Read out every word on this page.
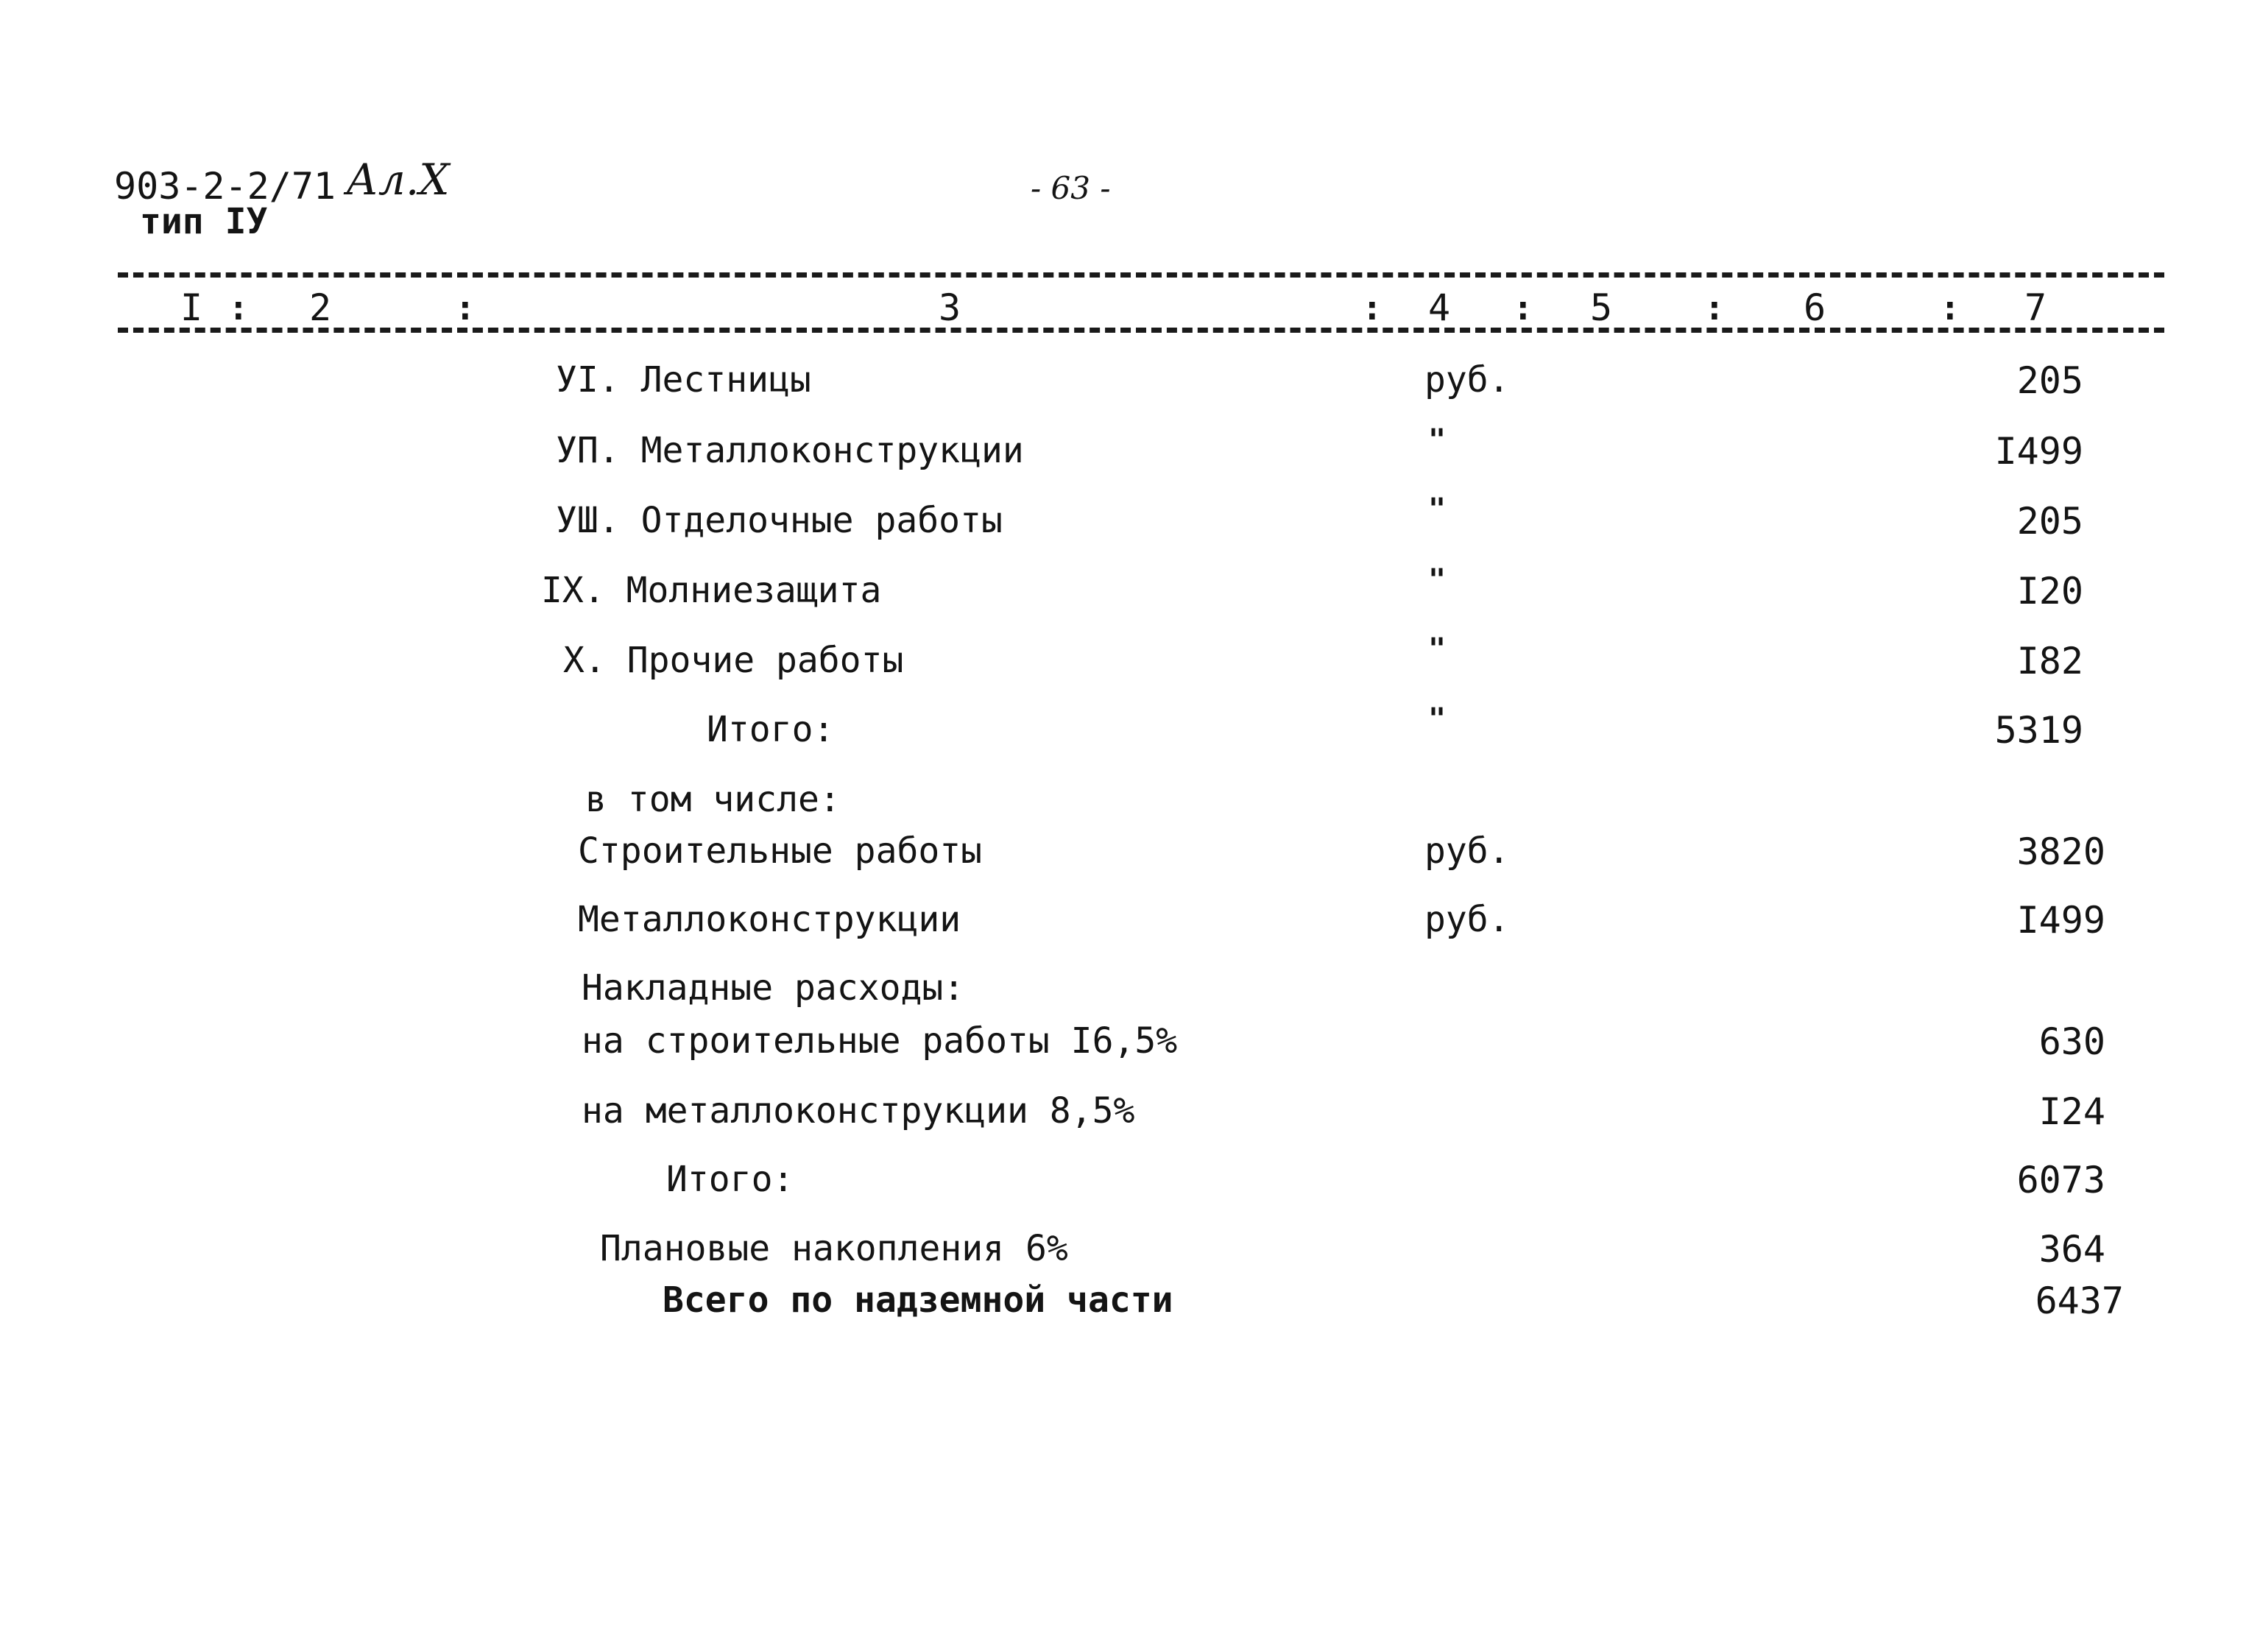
903-2-2/71 Ал.X
тип IУ
- 63 -
I : 2	:	3	: 4 : 5	: 6	: 7
УI. Лестницы	руб.	205
УП. Металлоконструкции	"	I499
УШ. Отделочные работы	"	205
IX. Молниезащита	"	I20
X. Прочие работы	"	I82
Итого:	"	5319
в том числе:
Строительные работы	руб.	3820
Металлоконструкции	руб.	I499
Накладные расходы:
на строительные работы I6,5%	630
на металлоконструкции 8,5%	I24
Итого:	6073
Плановые накопления 6%	364
Всего по надземной части	6437
